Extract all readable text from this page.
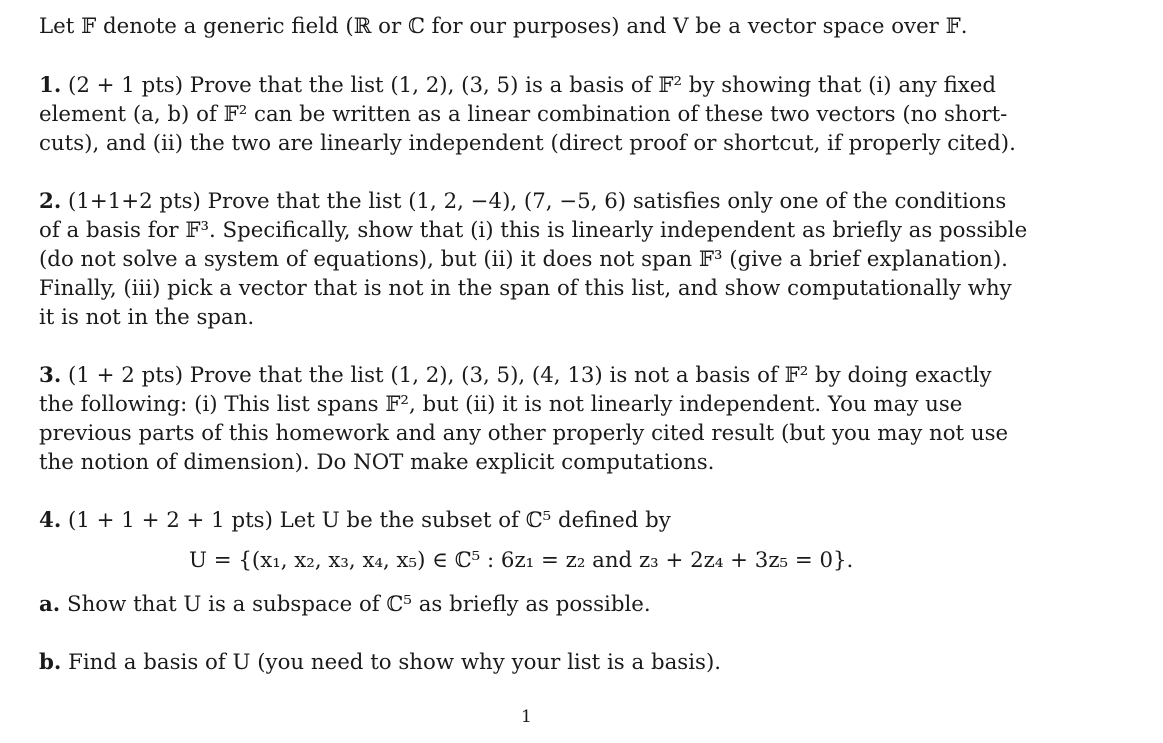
Let 𝔽 denote a generic field (ℝ or ℂ for our purposes) and V be a vector space over 𝔽.
1. (2 + 1 pts) Prove that the list (1, 2), (3, 5) is a basis of 𝔽² by showing that (i) any fixed
element (a, b) of 𝔽² can be written as a linear combination of these two vectors (no short-
cuts), and (ii) the two are linearly independent (direct proof or shortcut, if properly cited).
2. (1+1+2 pts) Prove that the list (1, 2, −4), (7, −5, 6) satisfies only one of the conditions
of a basis for 𝔽³. Specifically, show that (i) this is linearly independent as briefly as possible
(do not solve a system of equations), but (ii) it does not span 𝔽³ (give a brief explanation).
Finally, (iii) pick a vector that is not in the span of this list, and show computationally why
it is not in the span.
3. (1 + 2 pts) Prove that the list (1, 2), (3, 5), (4, 13) is not a basis of 𝔽² by doing exactly
the following: (i) This list spans 𝔽², but (ii) it is not linearly independent. You may use
previous parts of this homework and any other properly cited result (but you may not use
the notion of dimension). Do NOT make explicit computations.
4. (1 + 1 + 2 + 1 pts) Let U be the subset of ℂ⁵ defined by
U = {(x₁, x₂, x₃, x₄, x₅) ∈ ℂ⁵ : 6z₁ = z₂ and z₃ + 2z₄ + 3z₅ = 0}.
a. Show that U is a subspace of ℂ⁵ as briefly as possible.
b. Find a basis of U (you need to show why your list is a basis).
1
